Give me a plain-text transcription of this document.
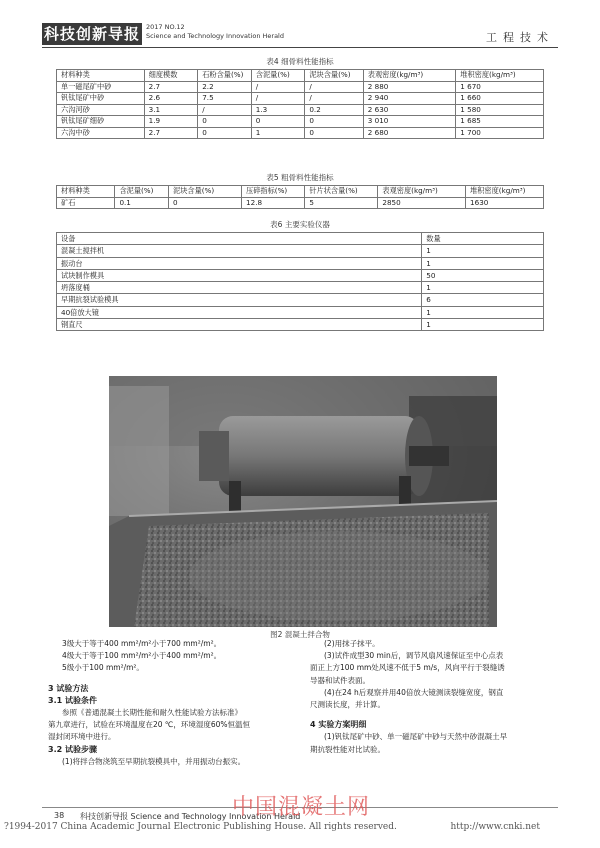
科技创新导报 2017 NO.12
Science and Technology Innovation Herald	工程技术
表4 细骨料性能指标
材料种类	细度模数	石粉含量(%)	含泥量(%)	泥块含量(%)	表观密度(kg/m³)	堆积密度(kg/m³)
单一磁尾矿中砂	2.7	2.2	/	/	2 880	1 670
钒钛尾矿中砂	2.6	7.5	/	/	2 940	1 660
六沟河砂	3.1	/	1.3	0.2	2 630	1 580
钒钛尾矿细砂	1.9	0	0	0	3 010	1 685
六沟中砂	2.7	0	1	0	2 680	1 700
表5 粗骨料性能指标
材料种类	含泥量(%)	泥块含量(%)	压碎指标(%)	针片状含量(%)	表观密度(kg/m³)	堆积密度(kg/m³)
矿石	0.1	0	12.8	5	2850	1630
表6 主要实验仪器
设备	数量
混凝土搅拌机	1
振动台	1
试块制作模具	50
坍落度桶	1
早期抗裂试验模具	6
40倍放大镜	1
钢直尺	1
图2 混凝土拌合物
3级大于等于400 mm²/m²小于700 mm²/m²。
4级大于等于100 mm²/m²小于400 mm²/m²。
5级小于100 mm²/m²。
3 试验方法
3.1 试验条件
参照《普通混凝土长期性能和耐久性能试验方法标准》
第九章进行，试验在环境温度在20 ℃，环境湿度60%恒温恒
湿封闭环境中进行。
3.2 试验步骤
(1)将拌合物浇筑至早期抗裂模具中，并用振动台振实。
(2)用抹子抹平。
(3)试件成型30 min后，调节风扇风速保证至中心点表
面正上方100 mm处风速不低于5 m/s，风向平行于裂缝诱
导器和试件表面。
(4)在24 h后观察并用40倍放大镜测读裂缝宽度，钢直
尺测读长度，并计算。
4 实验方案明细
(1)钒钛尾矿中砂、单一磁尾矿中砂与天然中砂混凝土早
期抗裂性能对比试验。
38 科技创新导报 Science and Technology Innovation Herald
中国混凝土网
?1994-2017 China Academic Journal Electronic Publishing House. All rights reserved.	http://www.cnki.net
